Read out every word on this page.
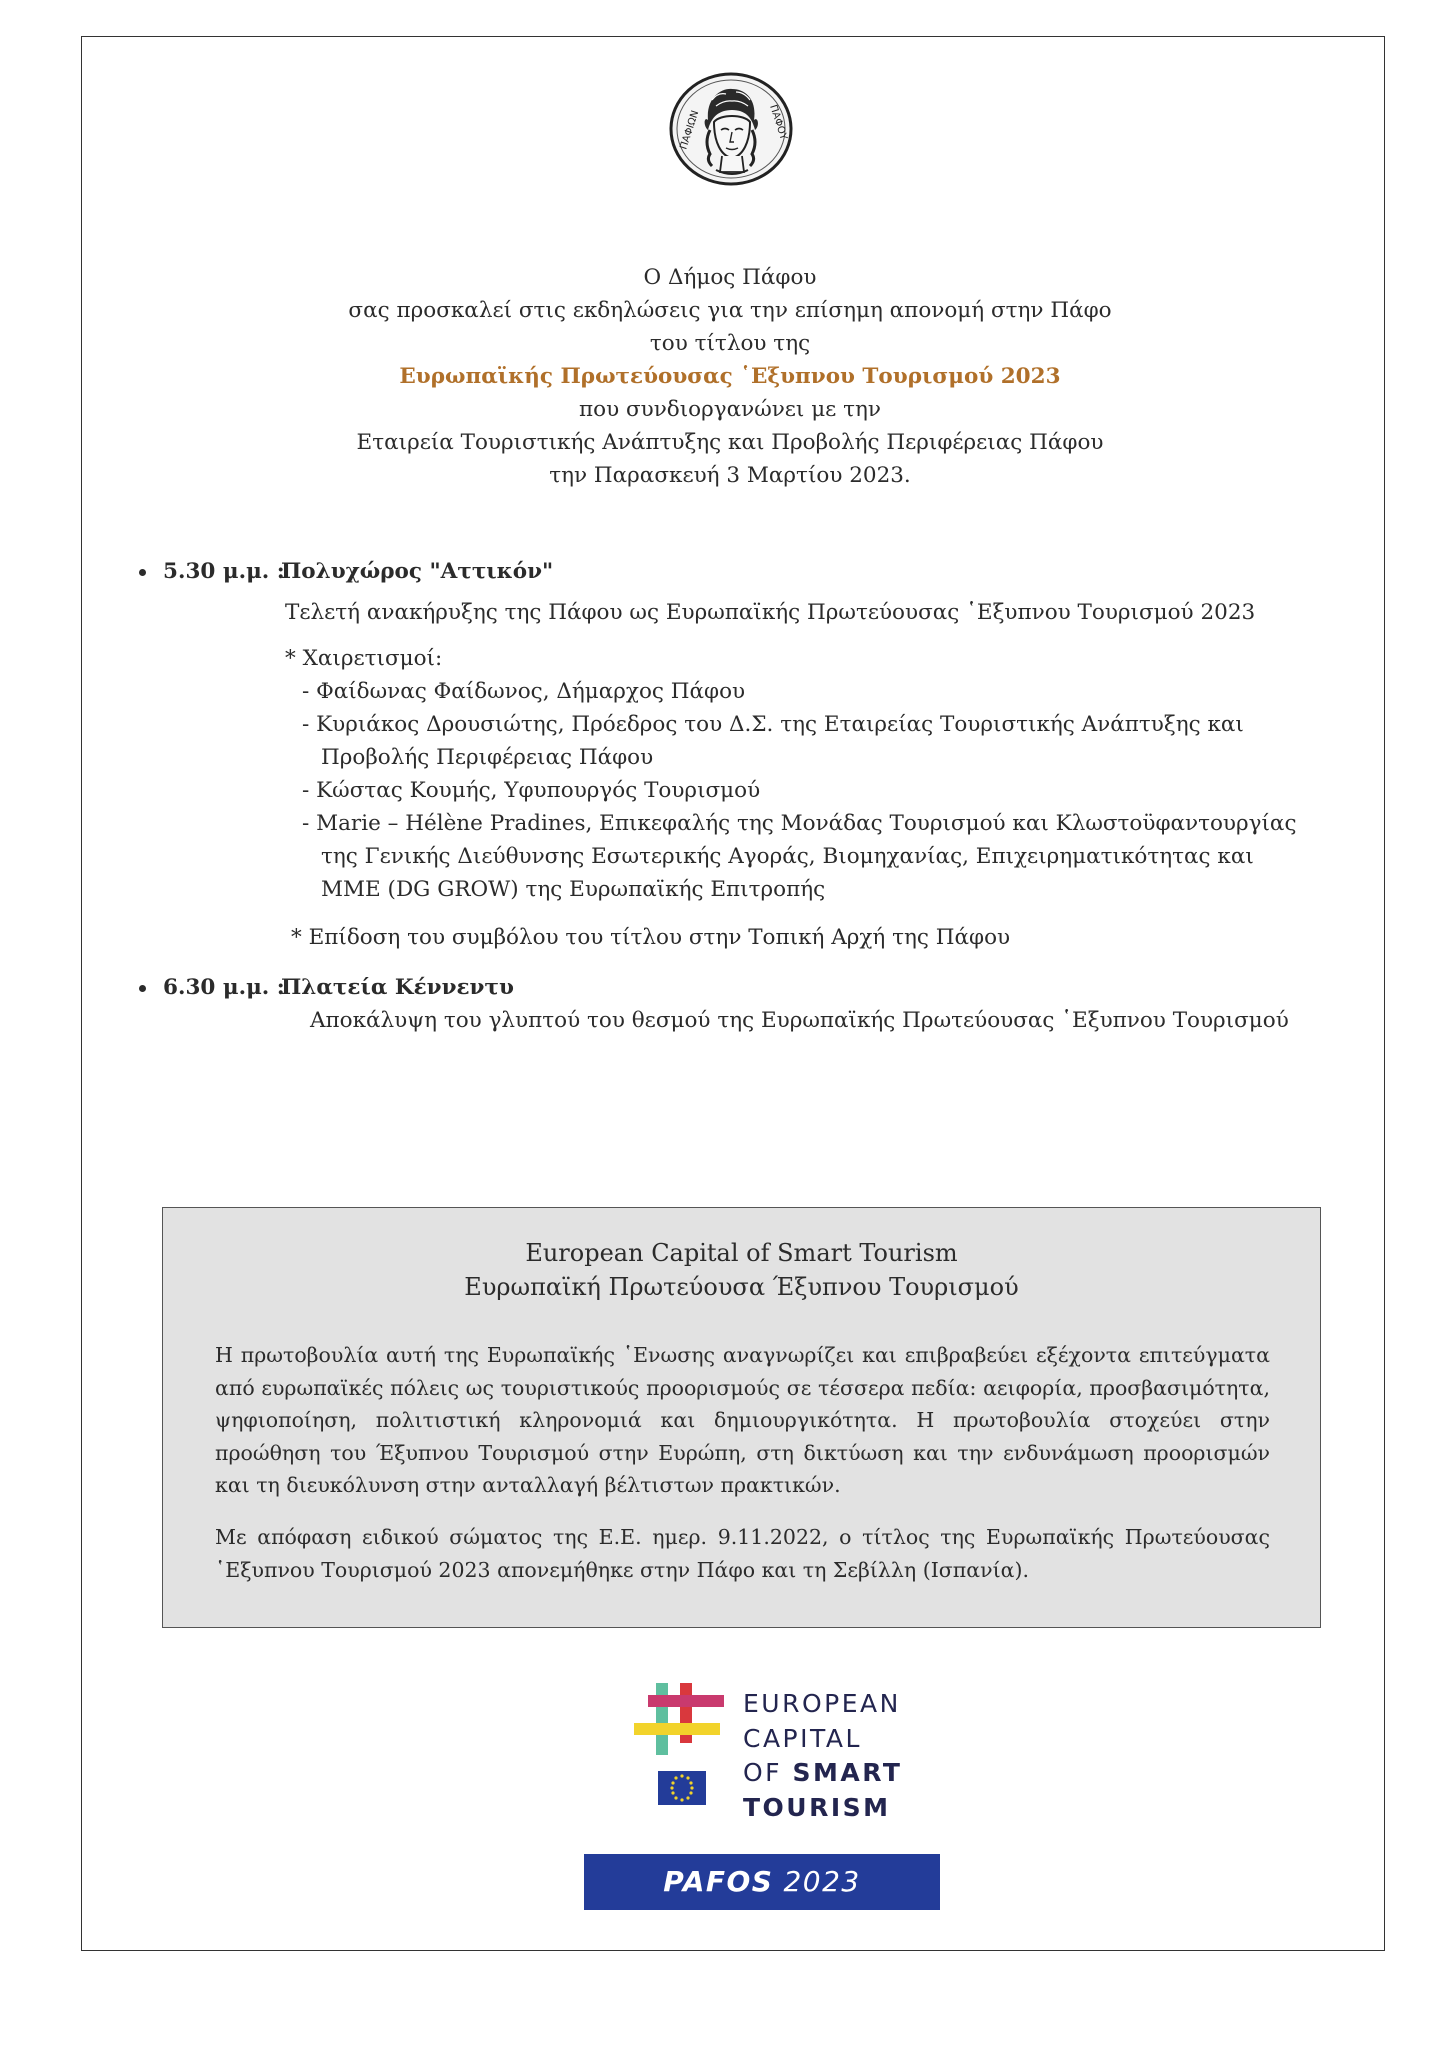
ΠΑΦΙΩΝ	ΠΑΦΟΥ
Ο Δήμος Πάφου
σας προσκαλεί στις εκδηλώσεις για την επίσημη απονομή στην Πάφο
του τίτλου της
Ευρωπαϊκής Πρωτεύουσας ῾Εξυπνου Τουρισμού 2023
που συνδιοργανώνει με την
Εταιρεία Τουριστικής Ανάπτυξης και Προβολής Περιφέρειας Πάφου
την Παρασκευή 3 Μαρτίου 2023.
5.30 μ.μ. :
Πολυχώρος "Αττικόν"
Τελετή ανακήρυξης της Πάφου ως Ευρωπαϊκής Πρωτεύουσας ῾Εξυπνου Τουρισμού 2023
* Χαιρετισμοί:
- Φαίδωνας Φαίδωνος, Δήμαρχος Πάφου
- Κυριάκος Δρουσιώτης, Πρόεδρος του Δ.Σ. της Εταιρείας Τουριστικής Ανάπτυξης και
Προβολής Περιφέρειας Πάφου
- Κώστας Κουμής, Υφυπουργός Τουρισμού
- Marie – Hélène Pradines, Επικεφαλής της Μονάδας Τουρισμού και Κλωστοϋφαντουργίας
της Γενικής Διεύθυνσης Εσωτερικής Αγοράς, Βιομηχανίας, Επιχειρηματικότητας και
ΜΜΕ (DG GROW) της Ευρωπαϊκής Επιτροπής
* Επίδοση του συμβόλου του τίτλου στην Τοπική Αρχή της Πάφου
6.30 μ.μ. :
Πλατεία Κέννεντυ
Αποκάλυψη του γλυπτού του θεσμού της Ευρωπαϊκής Πρωτεύουσας ῾Εξυπνου Τουρισμού
European Capital of Smart Tourism
Ευρωπαϊκή Πρωτεύουσα Έξυπνου Τουρισμού

Η πρωτοβουλία αυτή της Ευρωπαϊκής ῾Ενωσης αναγνωρίζει και επιβραβεύει εξέχοντα επιτεύγματα από ευρωπαϊκές πόλεις ως τουριστικούς προορισμούς σε τέσσερα πεδία: αειφορία, προσβασιμότητα, ψηφιοποίηση, πολιτιστική κληρονομιά και δημιουργικότητα. Η πρωτοβουλία στοχεύει στην προώθηση του Έξυπνου Τουρισμού στην Ευρώπη, στη δικτύωση και την ενδυνάμωση προορισμών και τη διευκόλυνση στην ανταλλαγή βέλτιστων πρακτικών.

Με απόφαση ειδικού σώματος της Ε.Ε. ημερ. 9.11.2022, ο τίτλος της Ευρωπαϊκής Πρωτεύουσας ῾Εξυπνου Τουρισμού 2023 απονεμήθηκε στην Πάφο και τη Σεβίλλη (Ισπανία).

EUROPEAN
CAPITAL
OF SMART
TOURISM
PAFOS 2023
